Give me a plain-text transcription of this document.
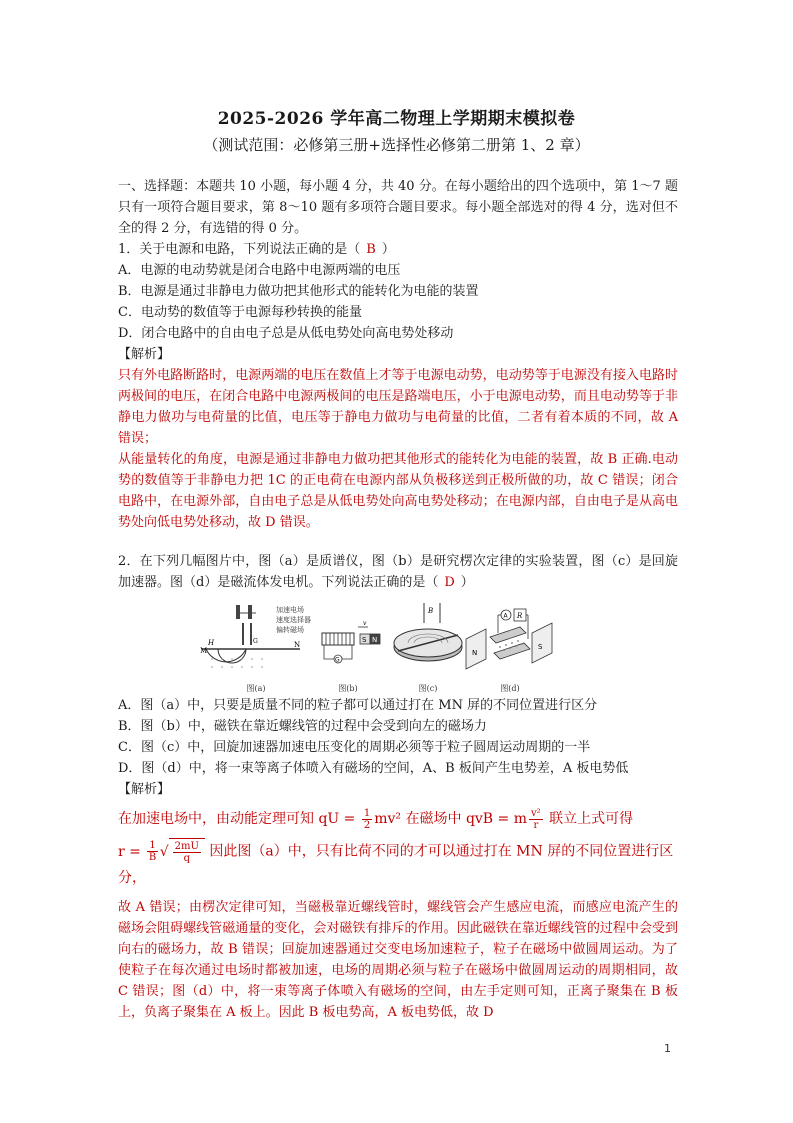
2025-2026 学年高二物理上学期期末模拟卷
（测试范围：必修第三册+选择性必修第二册第 1、2 章）

一、选择题：本题共 10 小题，每小题 4 分，共 40 分。在每小题给出的四个选项中，第 1～7 题只有一项符合题目要求，第 8～10 题有多项符合题目要求。每小题全部选对的得 4 分，选对但不全的得 2 分，有选错的得 0 分。

1．关于电源和电路，下列说法正确的是（ B ）

A．电源的电动势就是闭合电路中电源两端的电压

B．电源是通过非静电力做功把其他形式的能转化为电能的装置

C．电动势的数值等于电源每秒转换的能量

D．闭合电路中的自由电子总是从低电势处向高电势处移动

【解析】

只有外电路断路时，电源两端的电压在数值上才等于电源电动势，电动势等于电源没有接入电路时两极间的电压，在闭合电路中电源两极间的电压是路端电压，小于电源电动势，而且电动势等于非静电力做功与电荷量的比值，电压等于静电力做功与电荷量的比值，二者有着本质的不同，故 A 错误；

从能量转化的角度，电源是通过非静电力做功把其他形式的能转化为电能的装置，故 B 正确.电动势的数值等于非静电力把 1C 的正电荷在电源内部从负极移送到正极所做的功，故 C 错误；闭合电路中，在电源外部，自由电子总是从低电势处向高电势处移动；在电源内部，自由电子是从高电势处向低电势处移动，故 D 错误。

2．在下列几幅图片中，图（a）是质谱仪，图（b）是研究楞次定律的实验装置，图（c）是回旋加速器。图（d）是磁流体发电机。下列说法正确的是（ D ）

M
N
H	G
加速电场
速度选择器
偏转磁场
图(a)
S N
v
G
图(b)
B
图(c)
R
A
N
S
图(d)

A．图（a）中，只要是质量不同的粒子都可以通过打在 MN 屏的不同位置进行区分

B．图（b）中，磁铁在靠近螺线管的过程中会受到向左的磁场力

C．图（c）中，回旋加速器加速电压变化的周期必须等于粒子圆周运动周期的一半

D．图（d）中，将一束等离子体喷入有磁场的空间，A、B 板间产生电势差，A 板电势低

【解析】

在加速电场中，由动能定理可知 qU = $\frac{1}{2} mv^2$ 在磁场中 qvB = m $\frac{\text{v²}}{r}$ 联立上式可得

$r = \frac{1}{B}$ √ $\frac{2mU}{q}$ 因此图（a）中，只有比荷不同的才可以通过打在 MN 屏的不同位置进行区分，

故 A 错误；由楞次定律可知，当磁极靠近螺线管时，螺线管会产生感应电流，而感应电流产生的磁场会阻碍螺线管磁通量的变化，会对磁铁有排斥的作用。因此磁铁在靠近螺线管的过程中会受到向右的磁场力，故 B 错误；回旋加速器通过交变电场加速粒子，粒子在磁场中做圆周运动。为了使粒子在每次通过电场时都被加速，电场的周期必须与粒子在磁场中做圆周运动的周期相同，故 C 错误；图（d）中，将一束等离子体喷入有磁场的空间，由左手定则可知，正离子聚集在 B 板上，负离子聚集在 A 板上。因此 B 板电势高，A 板电势低，故 D

1
